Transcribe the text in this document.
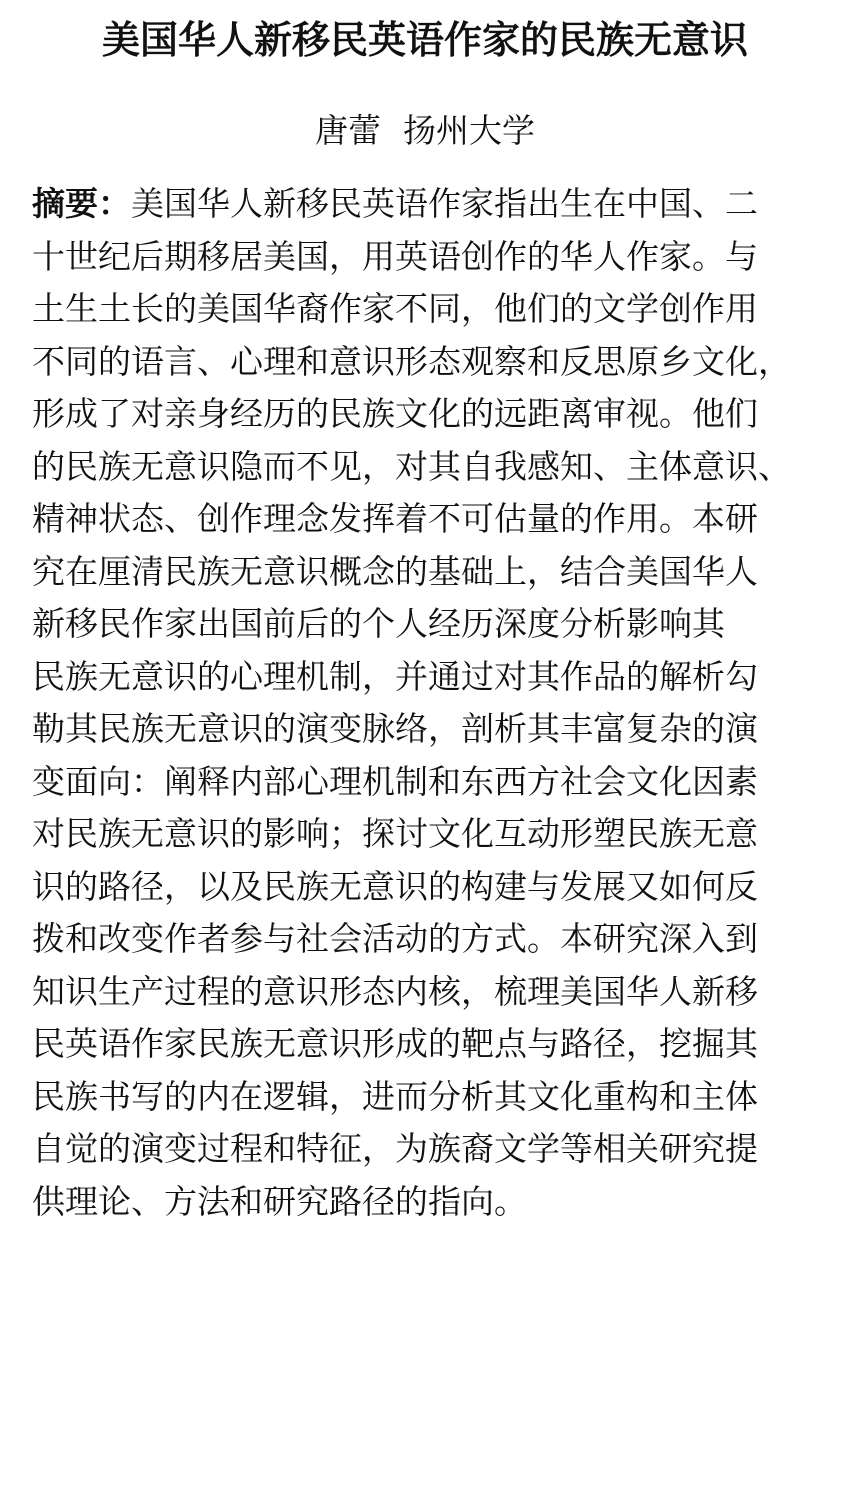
美国华人新移民英语作家的民族无意识

唐蕾 扬州大学

摘要：美国华人新移民英语作家指出生在中国、二
十世纪后期移居美国，用英语创作的华人作家。与
土生土长的美国华裔作家不同，他们的文学创作用
不同的语言、心理和意识形态观察和反思原乡文化，
形成了对亲身经历的民族文化的远距离审视。他们
的民族无意识隐而不见，对其自我感知、主体意识、
精神状态、创作理念发挥着不可估量的作用。本研
究在厘清民族无意识概念的基础上，结合美国华人
新移民作家出国前后的个人经历深度分析影响其
民族无意识的心理机制，并通过对其作品的解析勾
勒其民族无意识的演变脉络，剖析其丰富复杂的演
变面向：阐释内部心理机制和东西方社会文化因素
对民族无意识的影响；探讨文化互动形塑民族无意
识的路径，以及民族无意识的构建与发展又如何反
拨和改变作者参与社会活动的方式。本研究深入到
知识生产过程的意识形态内核，梳理美国华人新移
民英语作家民族无意识形成的靶点与路径，挖掘其
民族书写的内在逻辑，进而分析其文化重构和主体
自觉的演变过程和特征，为族裔文学等相关研究提
供理论、方法和研究路径的指向。
